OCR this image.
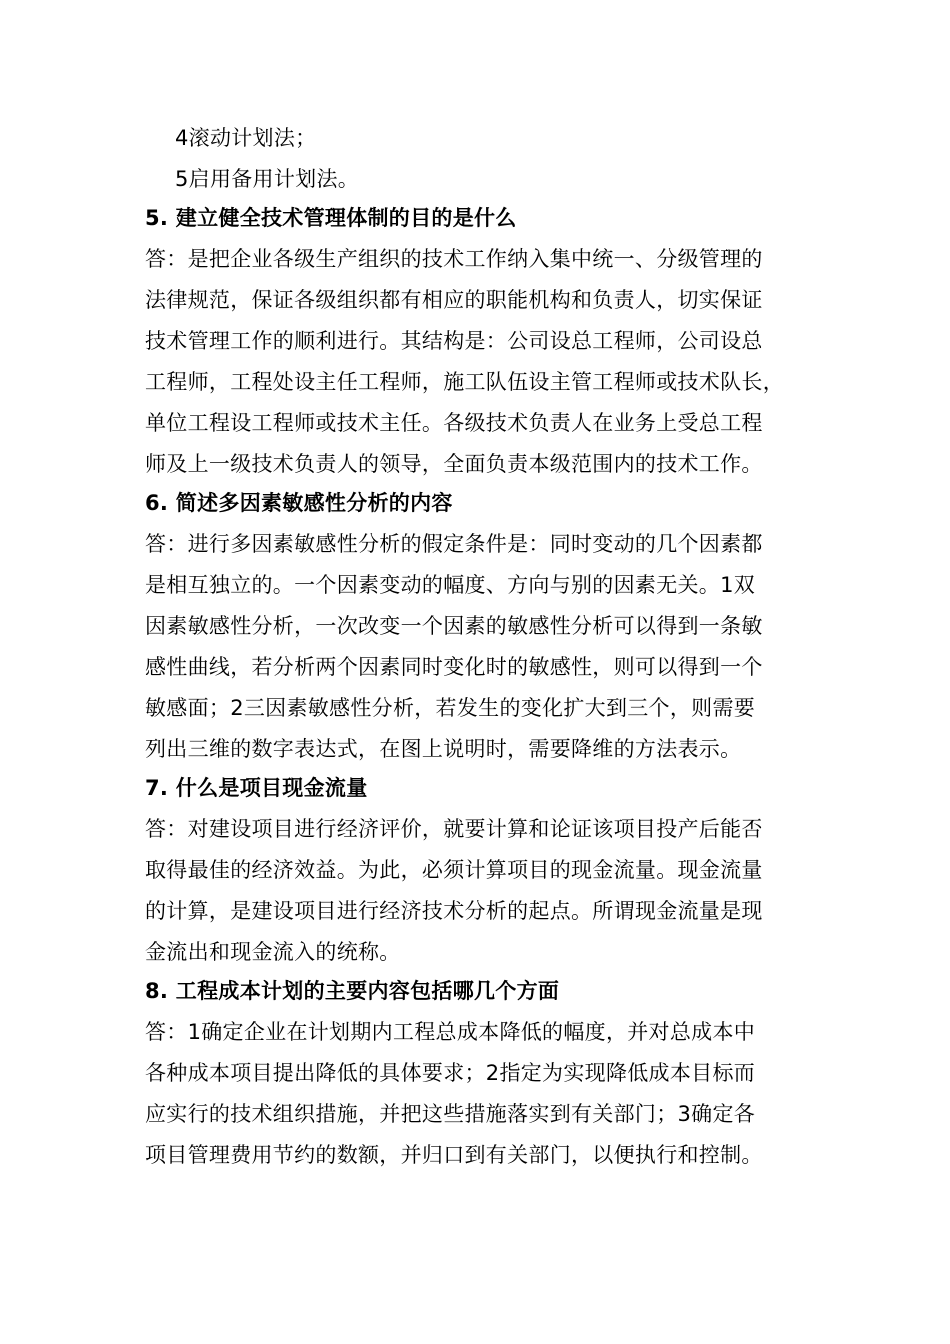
4滚动计划法；
5启用备用计划法。
5. 建立健全技术管理体制的目的是什么
答：是把企业各级生产组织的技术工作纳入集中统一、分级管理的
法律规范，保证各级组织都有相应的职能机构和负责人，切实保证
技术管理工作的顺利进行。其结构是：公司设总工程师，公司设总
工程师，工程处设主任工程师，施工队伍设主管工程师或技术队长，
单位工程设工程师或技术主任。各级技术负责人在业务上受总工程
师及上一级技术负责人的领导，全面负责本级范围内的技术工作。
6. 简述多因素敏感性分析的内容
答：进行多因素敏感性分析的假定条件是：同时变动的几个因素都
是相互独立的。一个因素变动的幅度、方向与别的因素无关。1双
因素敏感性分析，一次改变一个因素的敏感性分析可以得到一条敏
感性曲线，若分析两个因素同时变化时的敏感性，则可以得到一个
敏感面；2三因素敏感性分析，若发生的变化扩大到三个，则需要
列出三维的数字表达式，在图上说明时，需要降维的方法表示。
7. 什么是项目现金流量
答：对建设项目进行经济评价，就要计算和论证该项目投产后能否
取得最佳的经济效益。为此，必须计算项目的现金流量。现金流量
的计算，是建设项目进行经济技术分析的起点。所谓现金流量是现
金流出和现金流入的统称。
8. 工程成本计划的主要内容包括哪几个方面
答：1确定企业在计划期内工程总成本降低的幅度，并对总成本中
各种成本项目提出降低的具体要求；2指定为实现降低成本目标而
应实行的技术组织措施，并把这些措施落实到有关部门；3确定各
项目管理费用节约的数额，并归口到有关部门，以便执行和控制。
